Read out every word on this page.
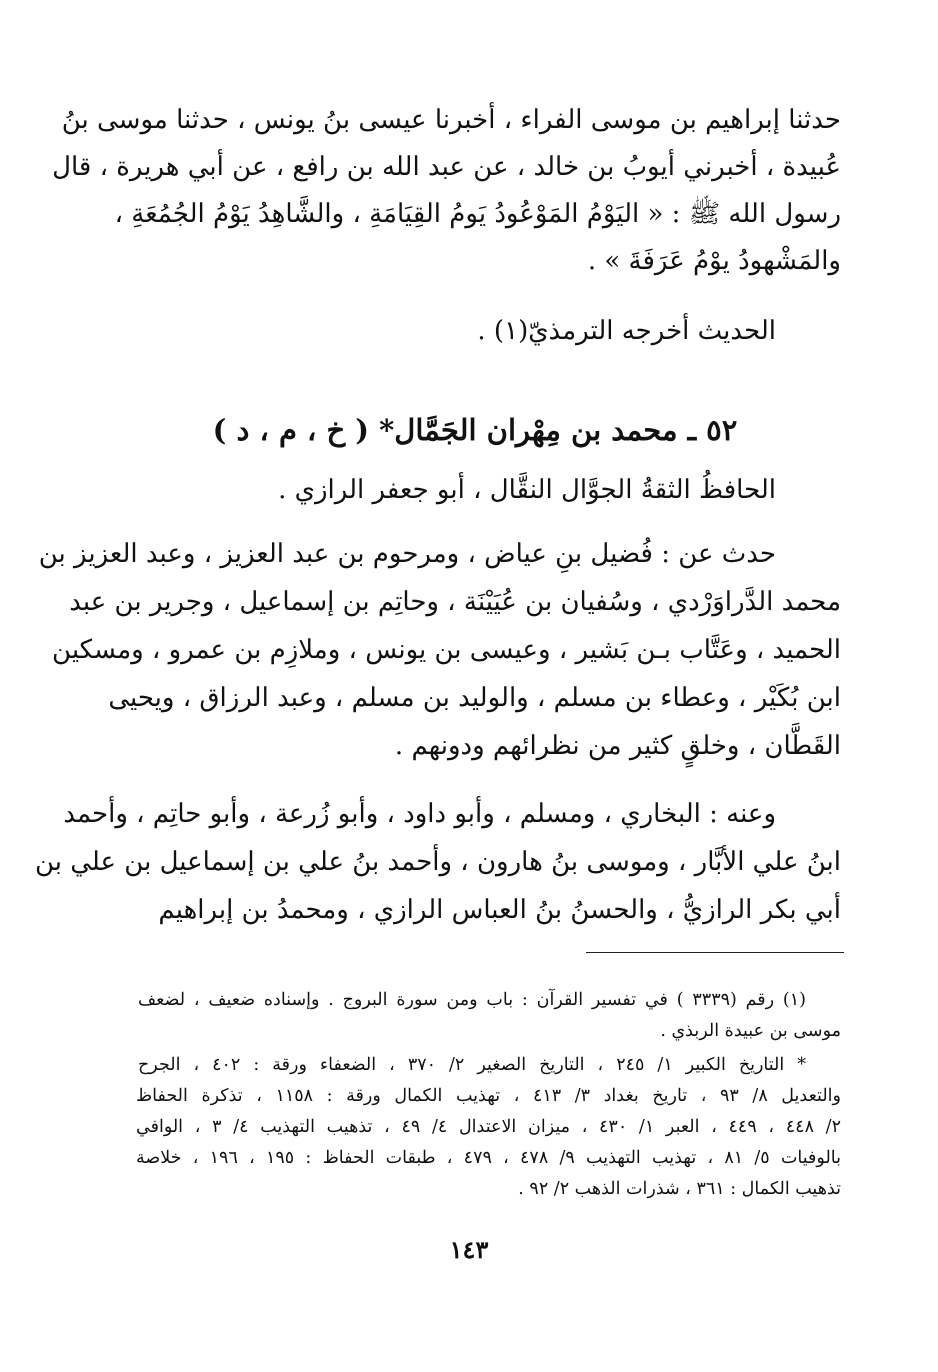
حدثنا إبراهيم بن موسى الفراء ، أخبرنا عيسى بنُ يونس ، حدثنا موسى بنُ
عُبيدة ، أخبرني أيوبُ بن خالد ، عن عبد الله بن رافع ، عن أبي هريرة ، قال
رسول الله ﷺ : « اليَوْمُ المَوْعُودُ يَومُ القِيَامَةِ ، والشَّاهِدُ يَوْمُ الجُمُعَةِ ،
والمَشْهودُ يوْمُ عَرَفَةَ » .
الحديث أخرجه الترمذيّ(١) .
٥٢ ـ محمد بن مِهْران الجَمَّال* ( خ ، م ، د )
الحافظُ الثقةُ الجوَّال النقَّال ، أبو جعفر الرازي .
حدث عن : فُضيل بنِ عياض ، ومرحوم بن عبد العزيز ، وعبد العزيز بن
محمد الدَّراوَرْدي ، وسُفيان بن عُيَيْنَة ، وحاتِم بن إسماعيل ، وجرير بن عبد
الحميد ، وعَتَّاب بـن بَشير ، وعيسى بن يونس ، وملازِم بن عمرو ، ومسكين
ابن بُكَيْر ، وعطاء بن مسلم ، والوليد بن مسلم ، وعبد الرزاق ، ويحيى
القَطَّان ، وخلقٍ كثير من نظرائهم ودونهم .
وعنه : البخاري ، ومسلم ، وأبو داود ، وأبو زُرعة ، وأبو حاتِم ، وأحمد
ابنُ علي الأبَّار ، وموسى بنُ هارون ، وأحمد بنُ علي بن إسماعيل بن علي بن
أبي بكر الرازيُّ ، والحسنُ بنُ العباس الرازي ، ومحمدُ بن إبراهيم
(١) رقم (٣٣٣٩ ) في تفسير القرآن : باب ومن سورة البروج . وإسناده ضعيف ، لضعف
موسى بن عبيدة الربذي .
* التاريخ الكبير ١/ ٢٤٥ ، التاريخ الصغير ٢/ ٣٧٠ ، الضعفاء ورقة : ٤٠٢ ، الجرح
والتعديل ٨/ ٩٣ ، تاريخ بغداد ٣/ ٤١٣ ، تهذيب الكمال ورقة : ١١٥٨ ، تذكرة الحفاظ
٢/ ٤٤٨ ، ٤٤٩ ، العبر ١/ ٤٣٠ ، ميزان الاعتدال ٤/ ٤٩ ، تذهيب التهذيب ٤/ ٣ ، الوافي
بالوفيات ٥/ ٨١ ، تهذيب التهذيب ٩/ ٤٧٨ ، ٤٧٩ ، طبقات الحفاظ : ١٩٥ ، ١٩٦ ، خلاصة
تذهيب الكمال : ٣٦١ ، شذرات الذهب ٢/ ٩٢ .
١٤٣
